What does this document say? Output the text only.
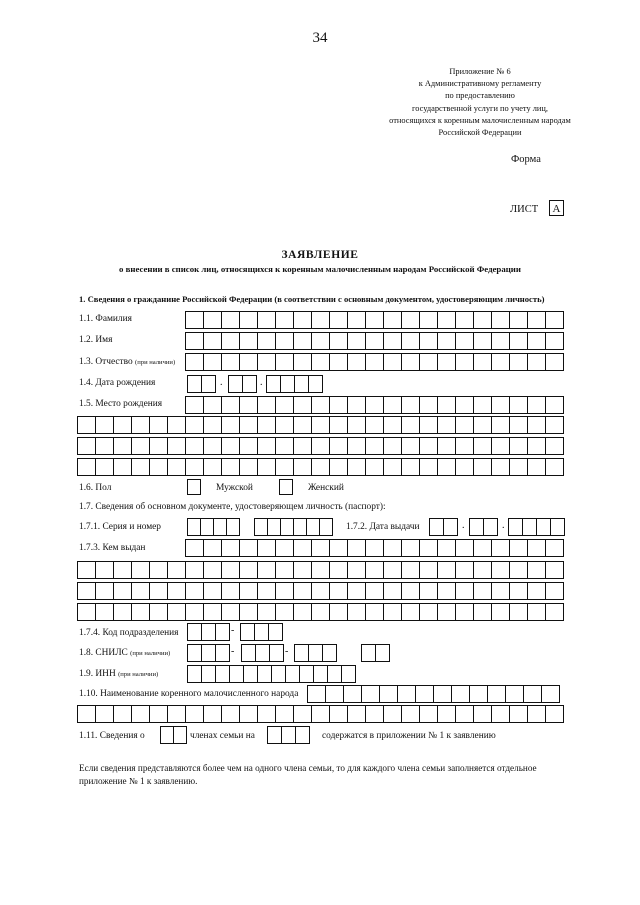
34
Приложение № 6
к Административному регламенту
по предоставлению
государственной услуги по учету лиц,
относящихся к коренным малочисленным народам
Российской Федерации
Форма
ЛИСТ	А
ЗАЯВЛЕНИЕ
о внесении в список лиц, относящихся к коренным малочисленным народам Российской Федерации
1. Сведения о гражданине Российской Федерации (в соответствии с основным документом, удостоверяющим личность)
1.1. Фамилия
1.2. Имя
1.3. Отчество (при наличии)
1.4. Дата рождения	.	.
1.5. Место рождения
1.6. Пол	Мужской	Женский
1.7. Сведения об основном документе, удостоверяющем личность (паспорт):
1.7.1. Серия и номер	1.7.2. Дата выдачи	.	.
1.7.3. Кем выдан
1.7.4. Код подразделения	-
1.8. СНИЛС (при наличии)	-	-
1.9. ИНН (при наличии)
1.10. Наименование коренного малочисленного народа
1.11. Сведения о	членах семьи на	содержатся в приложении № 1 к заявлению
Если сведения представляются более чем на одного члена семьи, то для каждого члена семьи заполняется отдельное приложение № 1 к заявлению.
